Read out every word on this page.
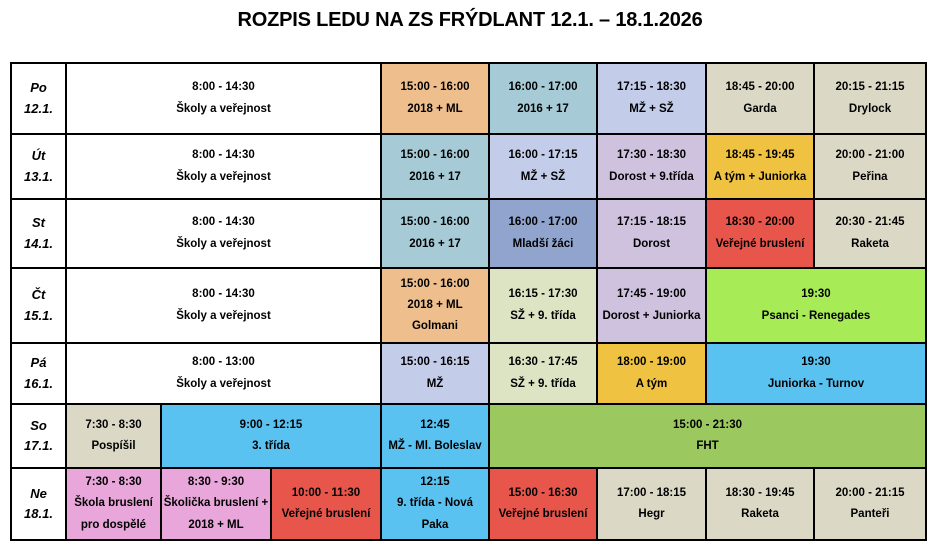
ROZPIS LEDU NA ZS FRÝDLANT 12.1. – 18.1.2026
Po
12.1.
8:00 - 14:30
Školy a veřejnost
15:00 - 16:00
2018 + ML
16:00 - 17:00
2016 + 17
17:15 - 18:30
MŽ + SŽ
18:45 - 20:00
Garda
20:15 - 21:15
Drylock
Út
13.1.
8:00 - 14:30
Školy a veřejnost
15:00 - 16:00
2016 + 17
16:00 - 17:15
MŽ + SŽ
17:30 - 18:30
Dorost + 9.třída
18:45 - 19:45
A tým + Juniorka
20:00 - 21:00
Peřina
St
14.1.
8:00 - 14:30
Školy a veřejnost
15:00 - 16:00
2016 + 17
16:00 - 17:00
Mladší žáci
17:15 - 18:15
Dorost
18:30 - 20:00
Veřejné bruslení
20:30 - 21:45
Raketa
Čt
15.1.
8:00 - 14:30
Školy a veřejnost
15:00 - 16:00
2018 + ML
Golmani
16:15 - 17:30
SŽ + 9. třída
17:45 - 19:00
Dorost + Juniorka
19:30
Psanci - Renegades
Pá
16.1.
8:00 - 13:00
Školy a veřejnost
15:00 - 16:15
MŽ
16:30 - 17:45
SŽ + 9. třída
18:00 - 19:00
A tým
19:30
Juniorka - Turnov
So
17.1.
7:30 - 8:30
Pospíšil
9:00 - 12:15
3. třída
12:45
MŽ - Ml. Boleslav
15:00 - 21:30
FHT
Ne
18.1.
7:30 - 8:30
Škola bruslení
pro dospělé
8:30 - 9:30
Školička bruslení +
2018 + ML
10:00 - 11:30
Veřejné bruslení
12:15
9. třída - Nová
Paka
15:00 - 16:30
Veřejné bruslení
17:00 - 18:15
Hegr
18:30 - 19:45
Raketa
20:00 - 21:15
Panteři
